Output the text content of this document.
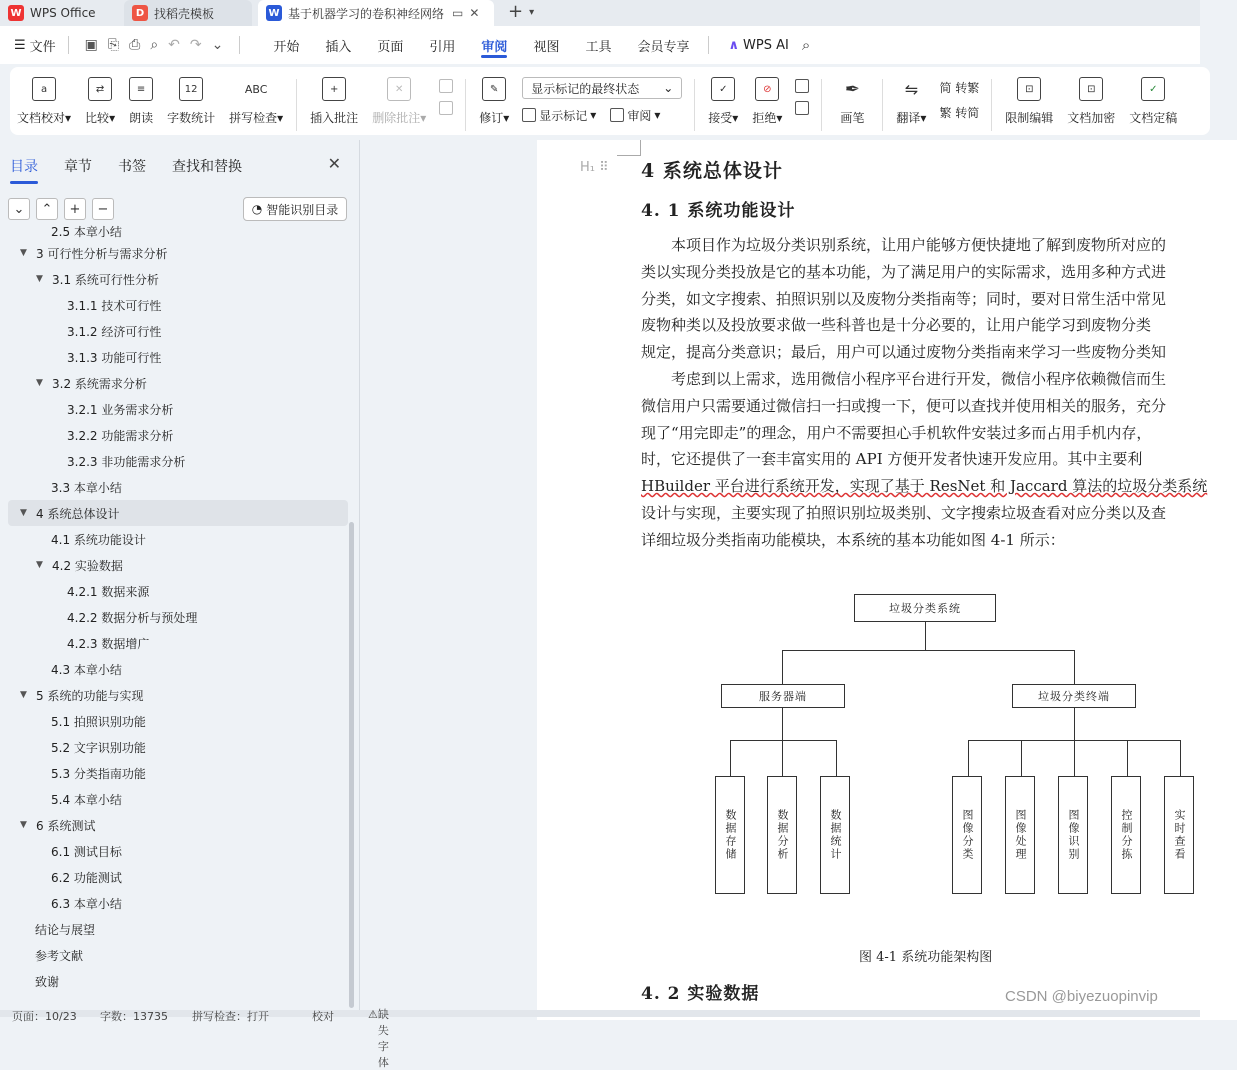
W WPS Office	D 找稻壳模板	W 基于机器学习的卷积神经网络 ▭ ✕ + ▾
☰ 文件 ▣ ⎘ ⎙ ⌕ ↶ ↷ ⌄	开始	插入	页面	引用	审阅	视图	工具	会员专享	∧ WPS AI ⌕
a
文档校对▾
⇄
比较▾
≡
朗读
12
字数统计
ABC
拼写检查▾
+
插入批注
✕
删除批注▾
✎
修订▾
显示标记的最终状态 ⌄
显示标记 ▾	审阅 ▾
✓
接受▾
⊘
拒绝▾
✒
画笔
⇋
翻译▾
简 转繁
繁 转简
⊡
限制编辑
⊡
文档加密
✓
文档定稿
目录 章节 书签 查找和替换	✕
⌄	⌃	+	−	◔ 智能识别目录
2.5 本章小结
▼ 3 可行性分析与需求分析
▼ 3.1 系统可行性分析
3.1.1 技术可行性
3.1.2 经济可行性
3.1.3 功能可行性
▼ 3.2 系统需求分析
3.2.1 业务需求分析
3.2.2 功能需求分析
3.2.3 非功能需求分析
3.3 本章小结
▼ 4 系统总体设计
4.1 系统功能设计
▼ 4.2 实验数据
4.2.1 数据来源
4.2.2 数据分析与预处理
4.2.3 数据增广
4.3 本章小结
▼ 5 系统的功能与实现
5.1 拍照识别功能
5.2 文字识别功能
5.3 分类指南功能
5.4 本章小结
▼ 6 系统测试
6.1 测试目标
6.2 功能测试
6.3 本章小结
结论与展望
参考文献
致谢
H₁ ⠿ 4 系统总体设计
4. 1 系统功能设计
　　本项目作为垃圾分类识别系统，让用户能够方便快捷地了解到废物所对应的
类以实现分类投放是它的基本功能，为了满足用户的实际需求，选用多种方式进
分类，如文字搜索、拍照识别以及废物分类指南等；同时，要对日常生活中常见
废物种类以及投放要求做一些科普也是十分必要的，让用户能学习到废物分类
规定，提高分类意识；最后，用户可以通过废物分类指南来学习一些废物分类知
　　考虑到以上需求，选用微信小程序平台进行开发，微信小程序依赖微信而生
微信用户只需要通过微信扫一扫或搜一下，便可以查找并使用相关的服务，充分
现了“用完即走”的理念，用户不需要担心手机软件安装过多而占用手机内存，
时，它还提供了一套丰富实用的 API 方便开发者快速开发应用。其中主要利
HBuilder 平台进行系统开发，实现了基于 ResNet 和 Jaccard 算法的垃圾分类系统
设计与实现，主要实现了拍照识别垃圾类别、文字搜索垃圾查看对应分类以及查
详细垃圾分类指南功能模块，本系统的基本功能如图 4-1 所示：
垃圾分类系统
服务器端	垃圾分类终端
数据存储	数据分析	数据统计	图像分类	图像处理	图像识别	控制分拣	实时查看
图 4-1 系统功能架构图
4. 2 实验数据	CSDN @biyezuopinvip
页面：10/23 字数：13735 拼写检查：打开	校对	⚠ 缺失字体
